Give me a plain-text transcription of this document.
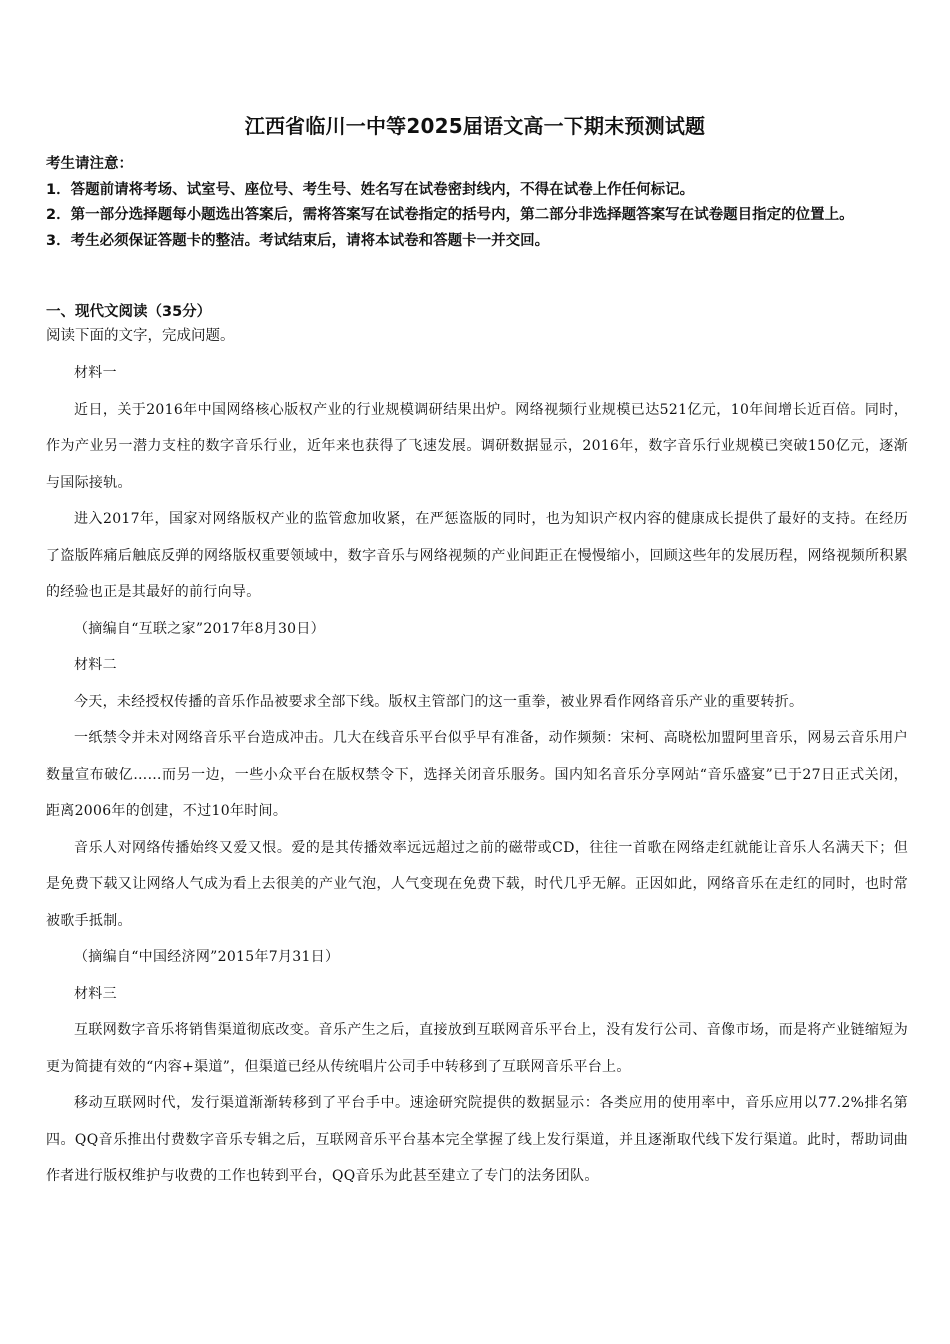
江西省临川一中等2025届语文高一下期末预测试题

考生请注意：

1．答题前请将考场、试室号、座位号、考生号、姓名写在试卷密封线内，不得在试卷上作任何标记。

2．第一部分选择题每小题选出答案后，需将答案写在试卷指定的括号内，第二部分非选择题答案写在试卷题目指定的位置上。

3．考生必须保证答题卡的整洁。考试结束后，请将本试卷和答题卡一并交回。

一、现代文阅读（35分）

阅读下面的文字，完成问题。

材料一

近日，关于2016年中国网络核心版权产业的行业规模调研结果出炉。网络视频行业规模已达521亿元，10年间增长近百倍。同时，作为产业另一潜力支柱的数字音乐行业，近年来也获得了飞速发展。调研数据显示，2016年，数字音乐行业规模已突破150亿元，逐渐与国际接轨。

进入2017年，国家对网络版权产业的监管愈加收紧，在严惩盗版的同时，也为知识产权内容的健康成长提供了最好的支持。在经历了盗版阵痛后触底反弹的网络版权重要领域中，数字音乐与网络视频的产业间距正在慢慢缩小，回顾这些年的发展历程，网络视频所积累的经验也正是其最好的前行向导。

（摘编自“互联之家”2017年8月30日）

材料二

今天，未经授权传播的音乐作品被要求全部下线。版权主管部门的这一重拳，被业界看作网络音乐产业的重要转折。

一纸禁令并未对网络音乐平台造成冲击。几大在线音乐平台似乎早有准备，动作频频：宋柯、高晓松加盟阿里音乐，网易云音乐用户数量宣布破亿……而另一边，一些小众平台在版权禁令下，选择关闭音乐服务。国内知名音乐分享网站“音乐盛宴”已于27日正式关闭，距离2006年的创建，不过10年时间。

音乐人对网络传播始终又爱又恨。爱的是其传播效率远远超过之前的磁带或CD，往往一首歌在网络走红就能让音乐人名满天下；但是免费下载又让网络人气成为看上去很美的产业气泡，人气变现在免费下载，时代几乎无解。正因如此，网络音乐在走红的同时，也时常被歌手抵制。

（摘编自“中国经济网”2015年7月31日）

材料三

互联网数字音乐将销售渠道彻底改变。音乐产生之后，直接放到互联网音乐平台上，没有发行公司、音像市场，而是将产业链缩短为更为简捷有效的“内容+渠道”，但渠道已经从传统唱片公司手中转移到了互联网音乐平台上。

移动互联网时代，发行渠道渐渐转移到了平台手中。速途研究院提供的数据显示：各类应用的使用率中，音乐应用以77.2%排名第四。QQ音乐推出付费数字音乐专辑之后，互联网音乐平台基本完全掌握了线上发行渠道，并且逐渐取代线下发行渠道。此时，帮助词曲作者进行版权维护与收费的工作也转到平台，QQ音乐为此甚至建立了专门的法务团队。
